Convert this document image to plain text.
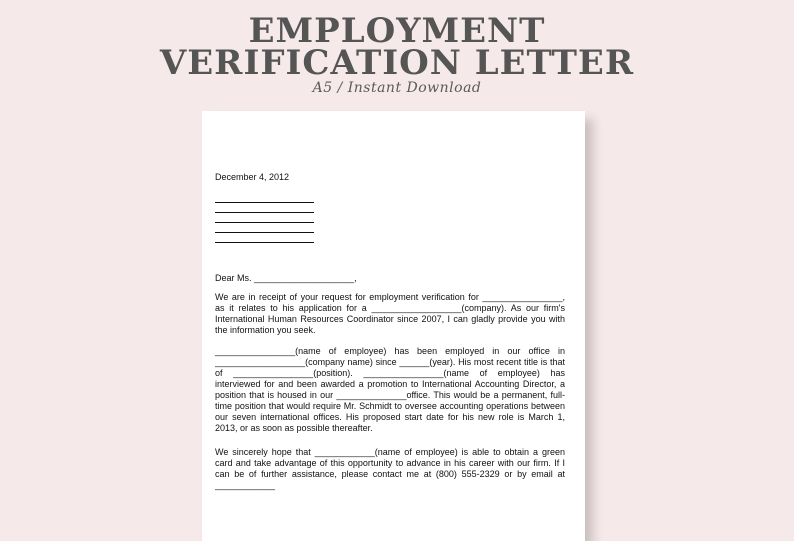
EMPLOYMENT
VERIFICATION LETTER
A5 / Instant Download
December 4, 2012
Dear Ms. ____________________,
We are in receipt of your request for employment verification for ________________, as it relates to his application for a __________________(company). As our firm's International Human Resources Coordinator since 2007, I can gladly provide you with the information you seek.
________________(name of employee) has been employed in our office in __________________(company name) since ______(year). His most recent title is that of ________________(position). ________________(name of employee) has interviewed for and been awarded a promotion to International Accounting Director, a position that is housed in our ______________office. This would be a permanent, full-time position that would require Mr. Schmidt to oversee accounting operations between our seven international offices. His proposed start date for his new role is March 1, 2013, or as soon as possible thereafter.
We sincerely hope that ____________(name of employee) is able to obtain a green card and take advantage of this opportunity to advance in his career with our firm. If I can be of further assistance, please contact me at (800) 555-2329 or by email at ____________
